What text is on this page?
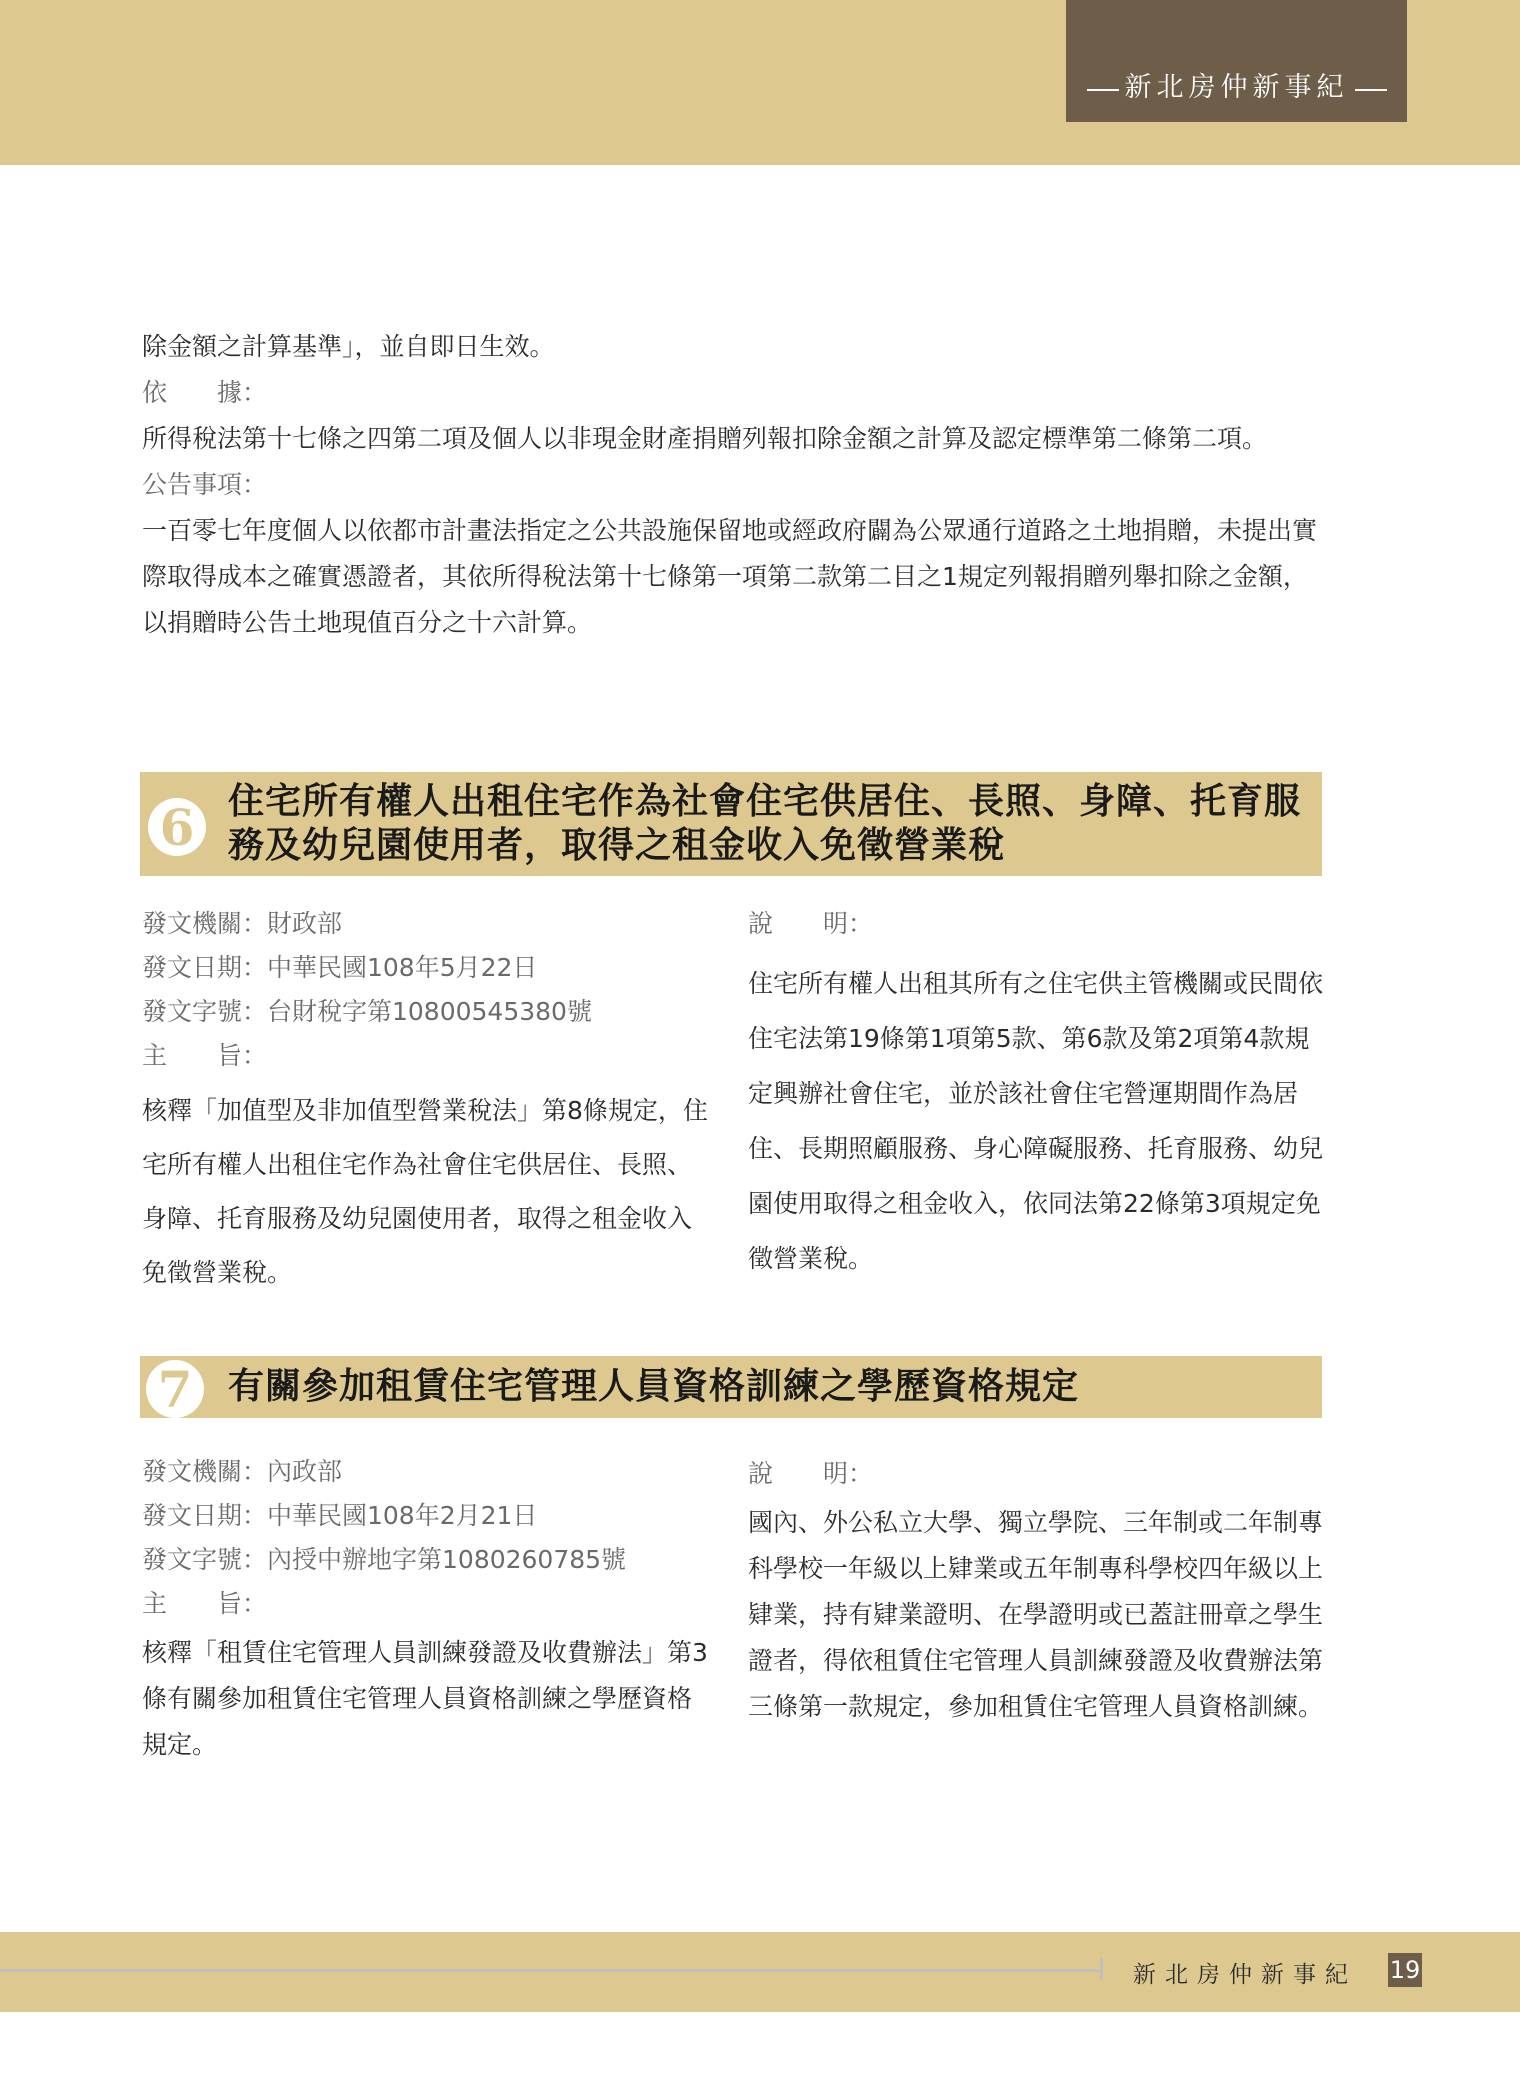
新北房仲新事紀

除金額之計算基準」，並自即日生效。

依　　據：

所得稅法第十七條之四第二項及個人以非現金財產捐贈列報扣除金額之計算及認定標準第二條第二項。

公告事項：

一百零七年度個人以依都市計畫法指定之公共設施保留地或經政府闢為公眾通行道路之土地捐贈，未提出實際取得成本之確實憑證者，其依所得稅法第十七條第一項第二款第二目之1規定列報捐贈列舉扣除之金額，以捐贈時公告土地現值百分之十六計算。

6 住宅所有權人出租住宅作為社會住宅供居住、長照、身障、托育服務及幼兒園使用者，取得之租金收入免徵營業稅

發文機關：財政部

發文日期：中華民國108年5月22日

發文字號：台財稅字第10800545380號

主　　旨：

核釋「加值型及非加值型營業稅法」第8條規定，住宅所有權人出租住宅作為社會住宅供居住、長照、身障、托育服務及幼兒園使用者，取得之租金收入免徵營業稅。

說　　明：

住宅所有權人出租其所有之住宅供主管機關或民間依住宅法第19條第1項第5款、第6款及第2項第4款規定興辦社會住宅，並於該社會住宅營運期間作為居住、長期照顧服務、身心障礙服務、托育服務、幼兒園使用取得之租金收入，依同法第22條第3項規定免徵營業稅。

7 有關參加租賃住宅管理人員資格訓練之學歷資格規定

發文機關：內政部

發文日期：中華民國108年2月21日

發文字號：內授中辦地字第1080260785號

主　　旨：

核釋「租賃住宅管理人員訓練發證及收費辦法」第3條有關參加租賃住宅管理人員資格訓練之學歷資格規定。

說　　明：

國內、外公私立大學、獨立學院、三年制或二年制專科學校一年級以上肄業或五年制專科學校四年級以上肄業，持有肄業證明、在學證明或已蓋註冊章之學生證者，得依租賃住宅管理人員訓練發證及收費辦法第三條第一款規定，參加租賃住宅管理人員資格訓練。

新北房仲新事紀 19
